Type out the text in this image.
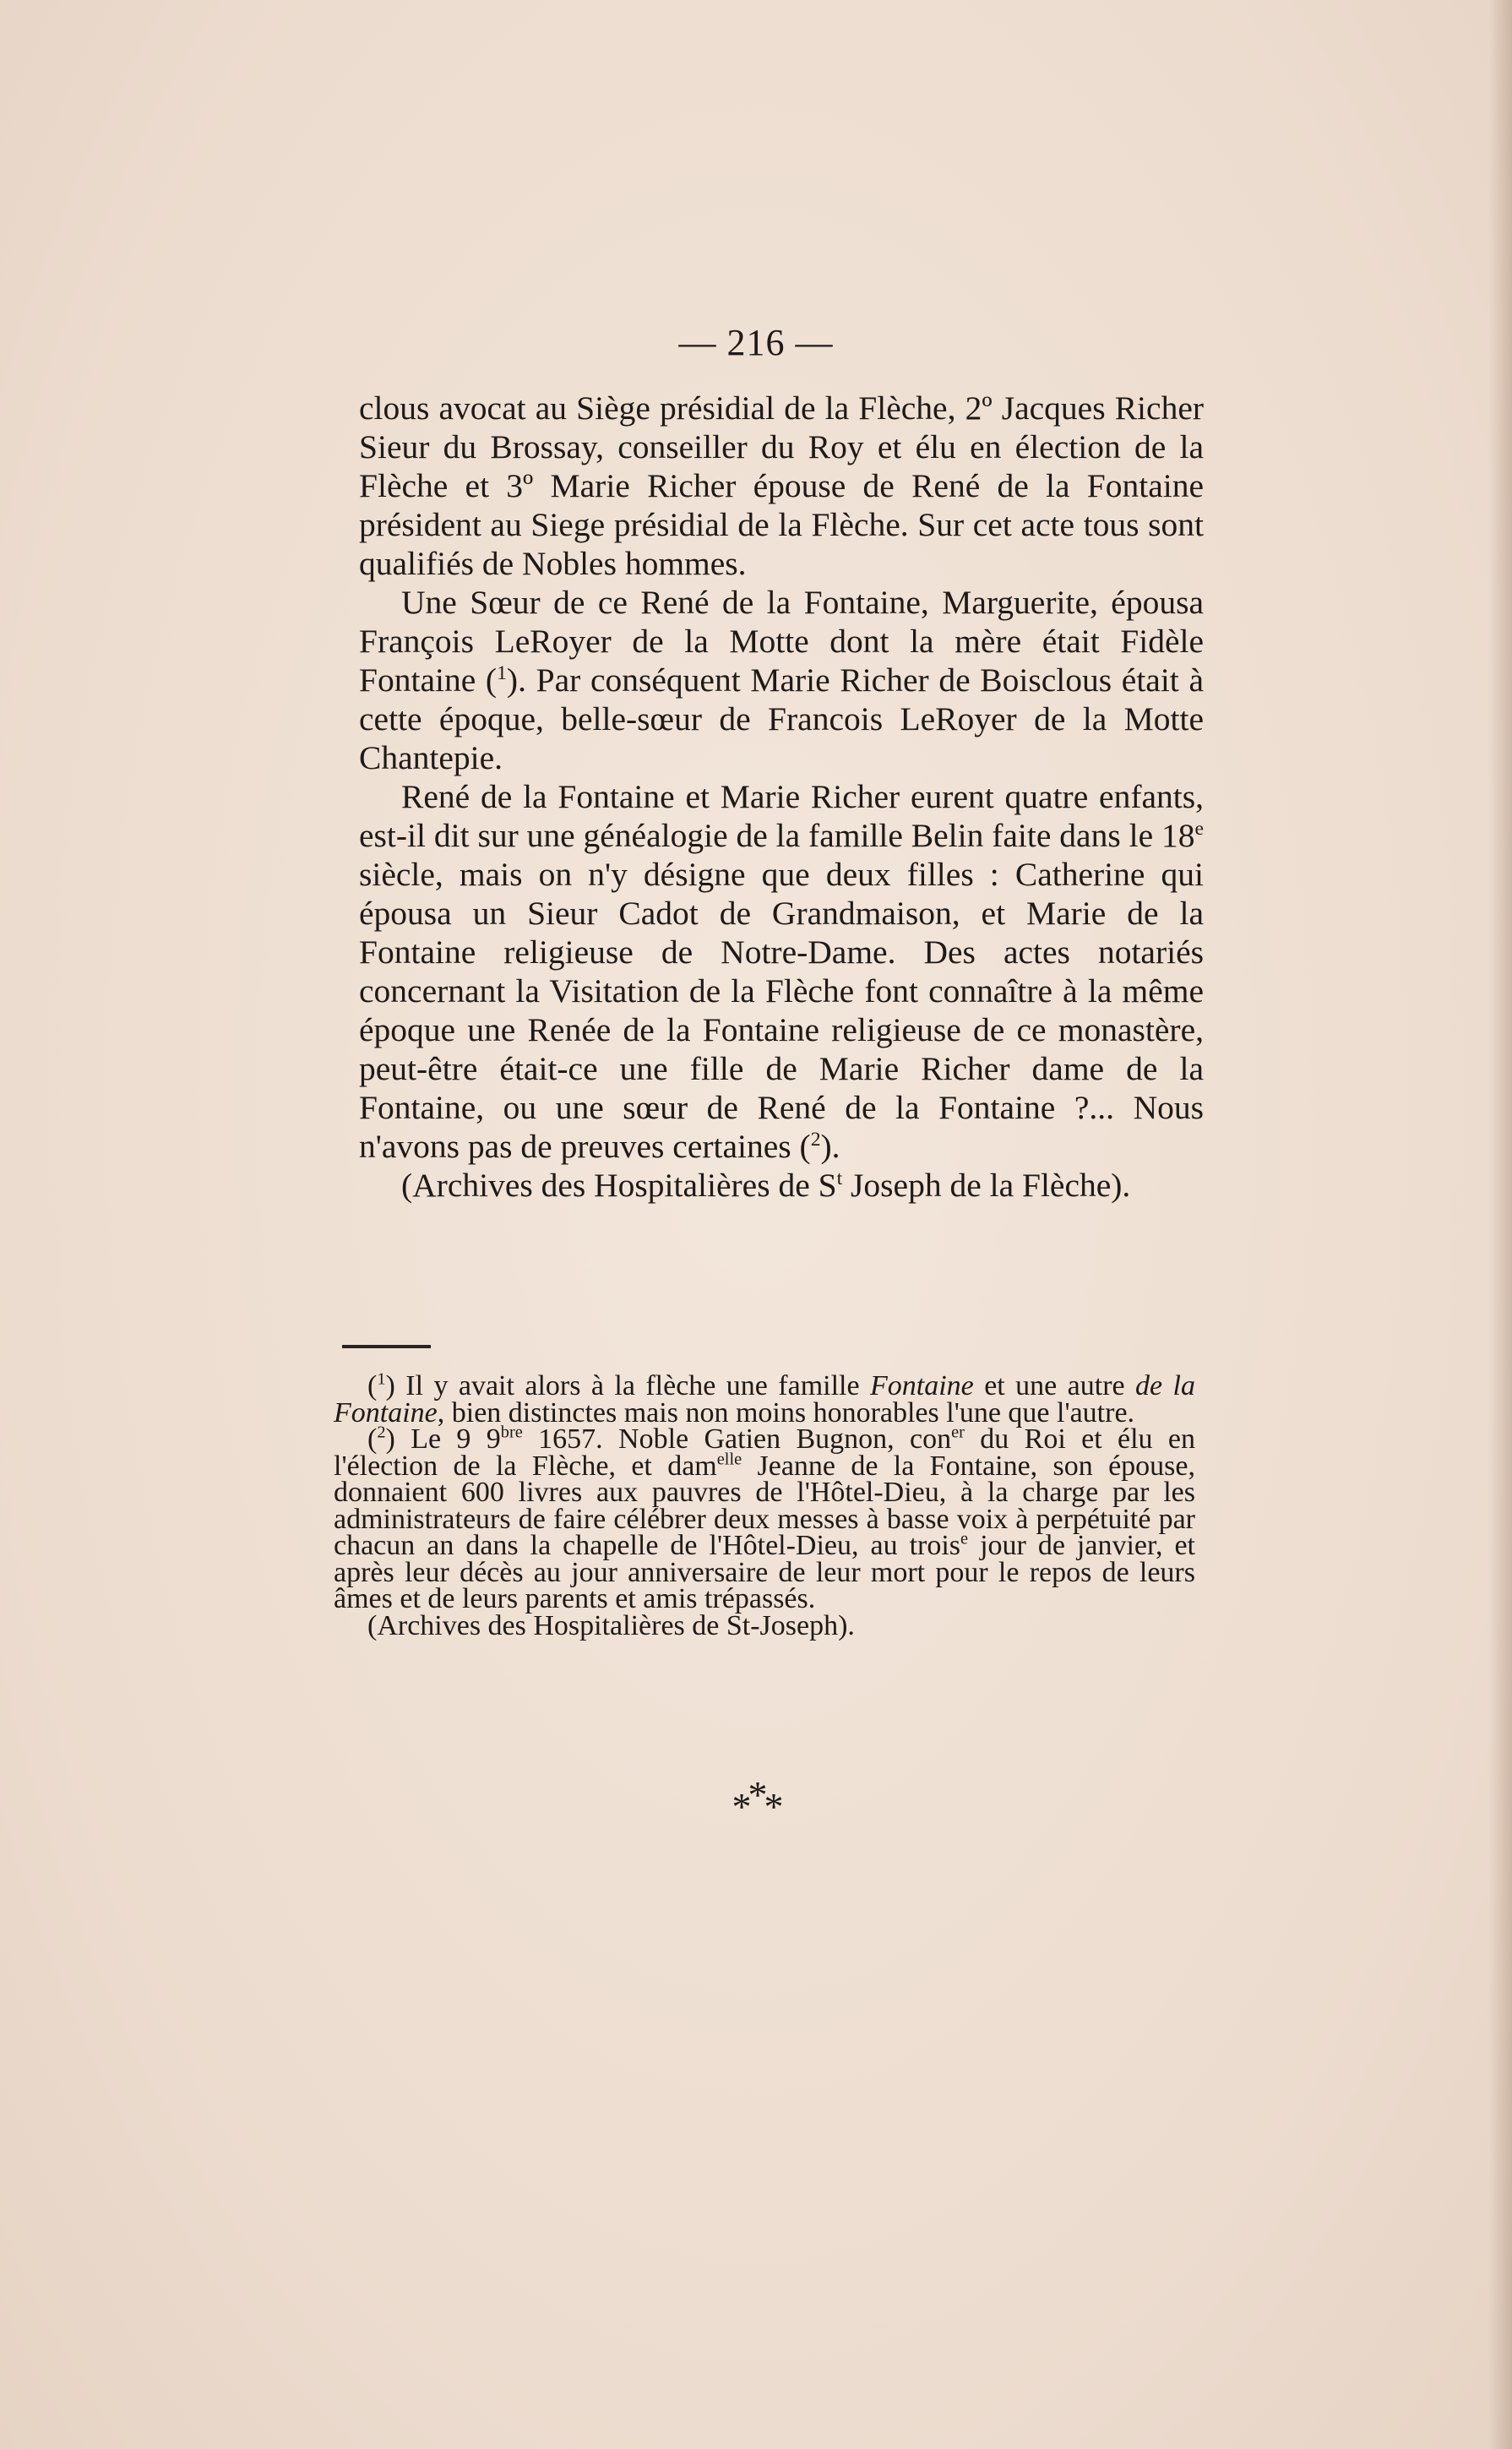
— 216 —

clous avocat au Siège présidial de la Flèche, 2º Jacques Richer Sieur du Brossay, conseiller du Roy et élu en élection de la Flèche et 3º Marie Richer épouse de René de la Fontaine président au Siege présidial de la Flèche. Sur cet acte tous sont qualifiés de Nobles hommes.

Une Sœur de ce René de la Fontaine, Marguerite, épousa François LeRoyer de la Motte dont la mère était Fidèle Fontaine ($^1$). Par conséquent Marie Richer de Boisclous était à cette époque, belle-sœur de Francois LeRoyer de la Motte Chantepie.

René de la Fontaine et Marie Richer eurent quatre enfants, est-il dit sur une généalogie de la famille Belin faite dans le 18e siècle, mais on n'y désigne que deux filles : Catherine qui épousa un Sieur Cadot de Grandmaison, et Marie de la Fontaine religieuse de Notre-Dame. Des actes notariés concernant la Visitation de la Flèche font connaître à la même époque une Renée de la Fontaine religieuse de ce monastère, peut-être était-ce une fille de Marie Richer dame de la Fontaine, ou une sœur de René de la Fontaine ?... Nous n'avons pas de preuves certaines ($^2$).

(Archives des Hospitalières de $S^t$ Joseph de la Flèche).

($^1$) Il y avait alors à la flèche une famille Fontaine et une autre de la Fontaine, bien distinctes mais non moins honorables l'une que l'autre.

($^2$) Le 9 $9^{bre}$ 1657. Noble Gatien Bugnon, con$^{er}$ du Roi et élu en l'élection de la Flèche, et dam$^{elle}$ Jeanne de la Fontaine, son épouse, donnaient 600 livres aux pauvres de l'Hôtel-Dieu, à la charge par les administrateurs de faire célébrer deux messes à basse voix à perpétuité par chacun an dans la chapelle de l'Hôtel-Dieu, au trois$^e$ jour de janvier, et après leur décès au jour anniversaire de leur mort pour le repos de leurs âmes et de leurs parents et amis trépassés.

(Archives des Hospitalières de St-Joseph).

***
